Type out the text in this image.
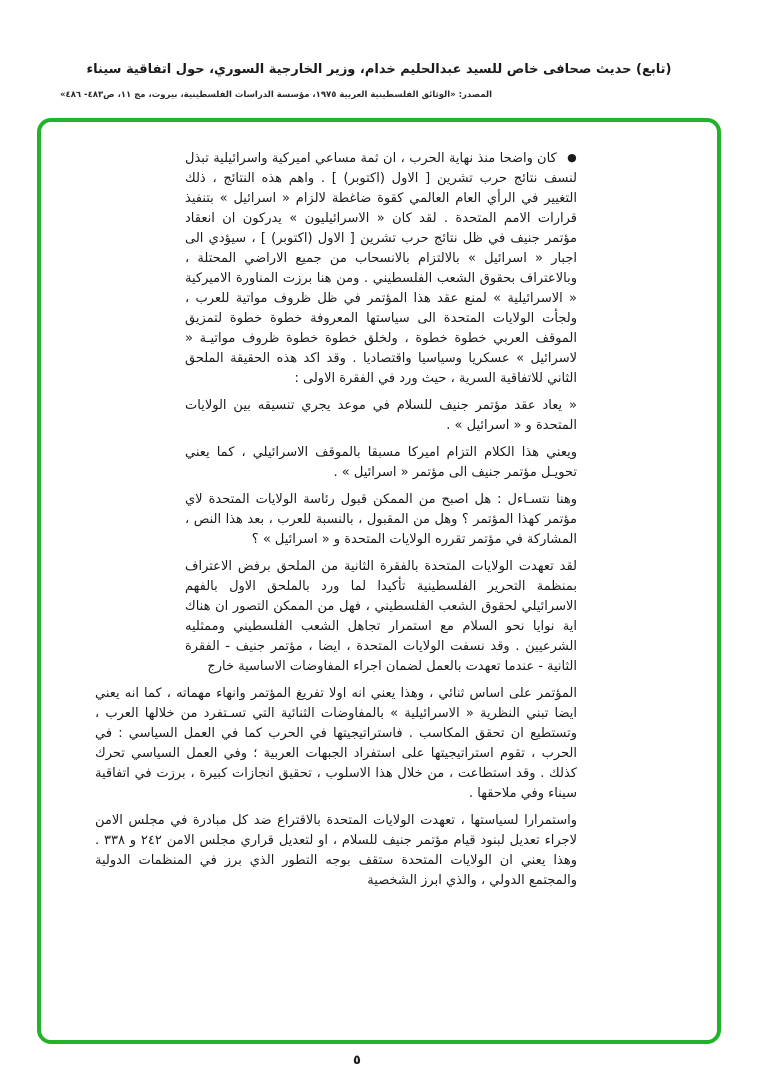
(تابع) حديث صحافى خاص للسيد عبدالحليم خدام، وزير الخارجية السوري، حول اتفاقية سيناء
المصدر: «الوثائق الفلسطينية العربية ١٩٧٥، مؤسسة الدراسات الفلسطينية، بيروت، مج ١١، ص٤٨٣- ٤٨٦»

● كان واضحا منذ نهاية الحرب ، ان ثمة مساعي اميركية واسرائيلية تبذل لنسف نتائج حرب تشرين [ الاول (اكتوبر) ] . واهم هذه النتائج ، ذلك التغيير في الرأي العام العالمي كقوة ضاغطة لالزام « اسرائيل » بتنفيذ قرارات الامم المتحدة . لقد كان « الاسرائيليون » يدركون ان انعقاد مؤتمر جنيف في ظل نتائج حرب تشرين [ الاول (اكتوبر) ] ، سيؤدي الى اجبار « اسرائيل » بالالتزام بالانسحاب من جميع الاراضي المحتلة ، وبالاعتراف بحقوق الشعب الفلسطيني . ومن هنا برزت المناورة الاميركية « الاسرائيلية » لمنع عقد هذا المؤتمر في ظل ظروف مواتية للعرب ، ولجأت الولايات المتحدة الى سياستها المعروفة خطوة خطوة لتمزيق الموقف العربي خطوة خطوة ، ولخلق خطوة خطوة ظروف مواتيـة « لاسرائيل » عسكريا وسياسيا واقتصاديا . وقد اكد هذه الحقيقة الملحق الثاني للاتفاقية السرية ، حيث ورد في الفقرة الاولى :

« يعاد عقد مؤتمر جنيف للسلام في موعد يجري تنسيقه بين الولايات المتحدة و « اسرائيل » .

ويعني هذا الكلام التزام اميركا مسبقا بالموقف الاسرائيلي ، كما يعني تحويـل مؤتمر جنيف الى مؤتمر « اسرائيل » .

وهنا نتسـاءل : هل اصبح من الممكن قبول رئاسة الولايات المتحدة لاي مؤتمر كهذا المؤتمر ؟ وهل من المقبول ، بالنسبة للعرب ، بعد هذا النص ، المشاركة في مؤتمر تقرره الولايات المتحدة و « اسرائيل » ؟

لقد تعهدت الولايات المتحدة بالفقرة الثانية من الملحق برفض الاعتراف بمنظمة التحرير الفلسطينية تأكيدا لما ورد بالملحق الاول بالفهم الاسرائيلي لحقوق الشعب الفلسطيني ، فهل من الممكن التصور ان هناك اية نوايا نحو السلام مع استمرار تجاهل الشعب الفلسطيني وممثليه الشرعيين . وقد نسفت الولايات المتحدة ، ايضا ، مؤتمر جنيف - الفقرة الثانية - عندما تعهدت بالعمل لضمان اجراء المفاوضات الاساسية خارج

المؤتمر على اساس ثنائي ، وهذا يعني انه اولا تفريغ المؤتمر وانهاء مهماته ، كما انه يعني ايضا تبني النظرية « الاسرائيلية » بالمفاوضات الثنائية التي تسـتفرد من خلالها العرب ، وتستطيع ان تحقق المكاسب . فاستراتيجيتها في الحرب كما في العمل السياسي : في الحرب ، تقوم استراتيجيتها على استفراد الجبهات العربية ؛ وفي العمل السياسي تحرك كذلك . وقد استطاعت ، من خلال هذا الاسلوب ، تحقيق انجازات كبيرة ، برزت في اتفاقية سيناء وفي ملاحقها .

واستمرارا لسياستها ، تعهدت الولايات المتحدة بالاقتراع ضد كل مبادرة في مجلس الامن لاجراء تعديل لبنود قيام مؤتمر جنيف للسلام ، او لتعديل قراري مجلس الامن ٢٤٢ و ٣٣٨ . وهذا يعني ان الولايات المتحدة ستقف بوجه التطور الذي برز في المنظمات الدولية والمجتمع الدولي ، والذي ابرز الشخصية

٥
